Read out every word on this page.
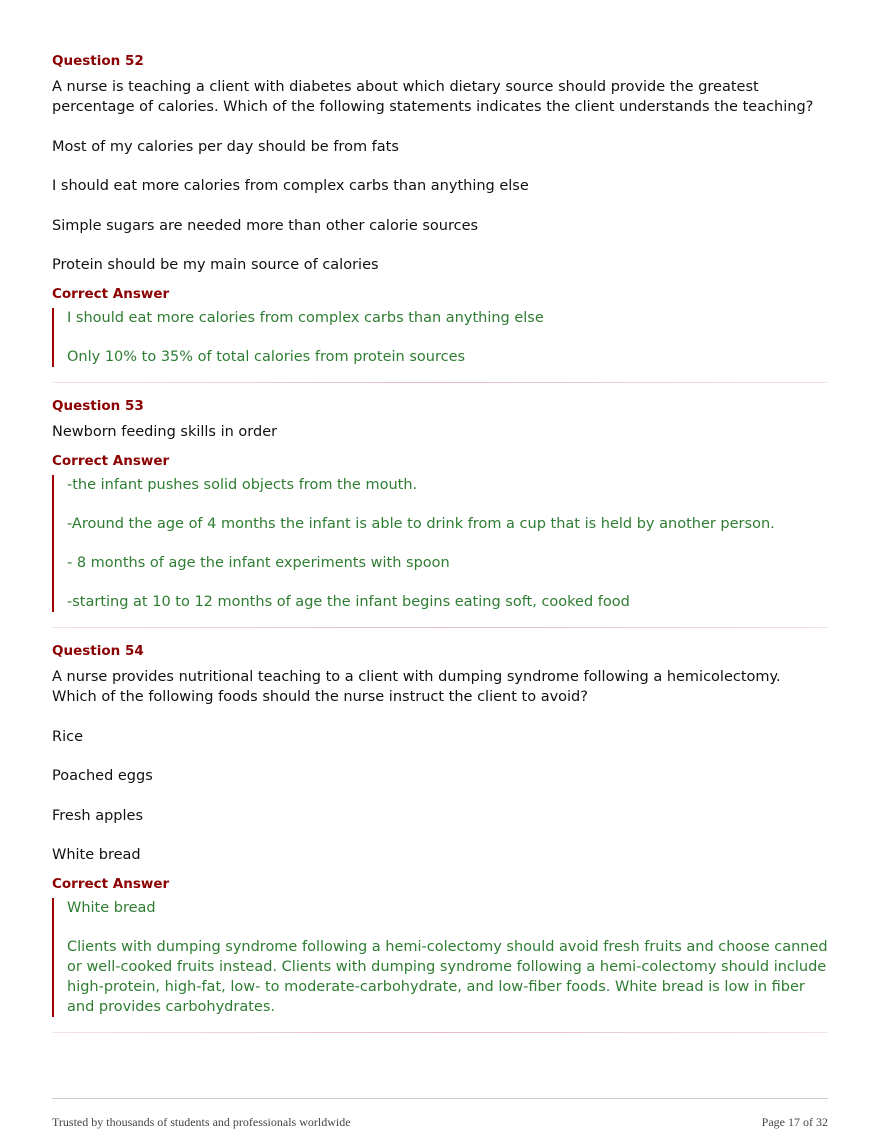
Question 52
A nurse is teaching a client with diabetes about which dietary source should provide the greatest percentage of calories. Which of the following statements indicates the client understands the teaching?
Most of my calories per day should be from fats
I should eat more calories from complex carbs than anything else
Simple sugars are needed more than other calorie sources
Protein should be my main source of calories
Correct Answer
I should eat more calories from complex carbs than anything else
Only 10% to 35% of total calories from protein sources
Question 53
Newborn feeding skills in order
Correct Answer
-the infant pushes solid objects from the mouth.
-Around the age of 4 months the infant is able to drink from a cup that is held by another person.
- 8 months of age the infant experiments with spoon
-starting at 10 to 12 months of age the infant begins eating soft, cooked food
Question 54
A nurse provides nutritional teaching to a client with dumping syndrome following a hemicolectomy. Which of the following foods should the nurse instruct the client to avoid?
Rice
Poached eggs
Fresh apples
White bread
Correct Answer
White bread
Clients with dumping syndrome following a hemi-colectomy should avoid fresh fruits and choose canned or well-cooked fruits instead. Clients with dumping syndrome following a hemi-colectomy should include high-protein, high-fat, low- to moderate-carbohydrate, and low-fiber foods. White bread is low in fiber and provides carbohydrates.
Trusted by thousands of students and professionals worldwide	Page 17 of 32
